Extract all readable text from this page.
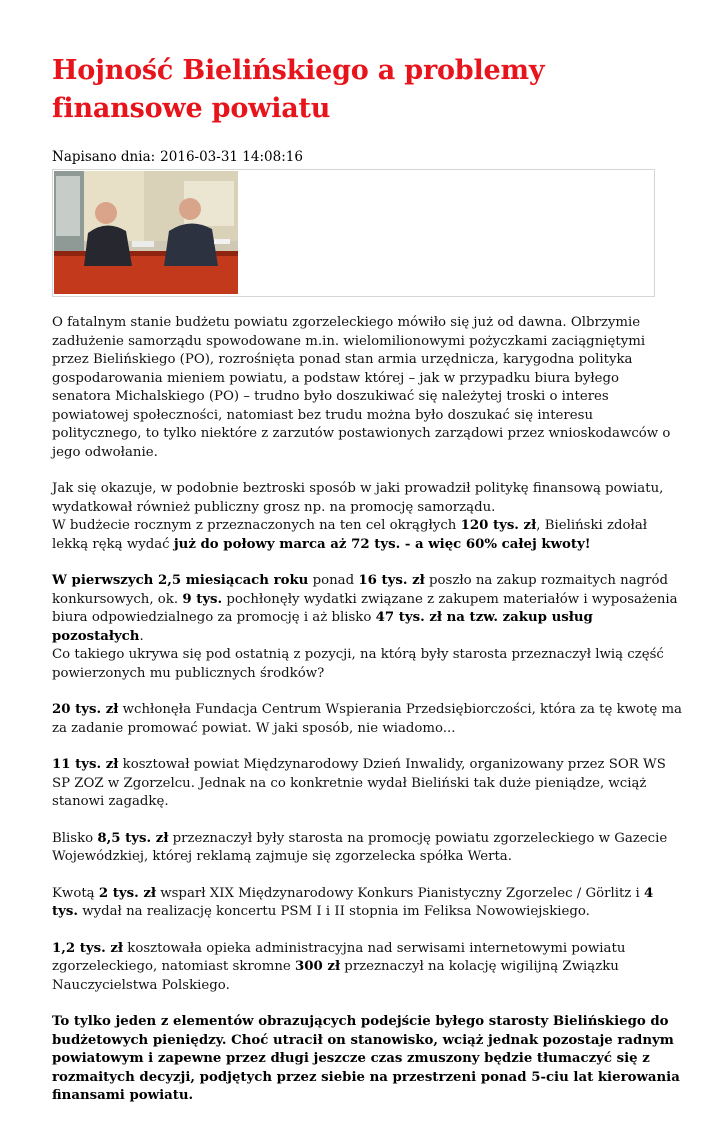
Hojność Bielińskiego a problemy finansowe powiatu
Napisano dnia: 2016-03-31 14:08:16

O fatalnym stanie budżetu powiatu zgorzeleckiego mówiło się już od dawna. Olbrzymie zadłużenie samorządu spowodowane m.in. wielomilionowymi pożyczkami zaciągniętymi przez Bielińskiego (PO), rozrośnięta ponad stan armia urzędnicza, karygodna polityka gospodarowania mieniem powiatu, a podstaw której – jak w przypadku biura byłego senatora Michalskiego (PO) – trudno było doszukiwać się należytej troski o interes powiatowej społeczności, natomiast bez trudu można było doszukać się interesu politycznego, to tylko niektóre z zarzutów postawionych zarządowi przez wnioskodawców o jego odwołanie.

Jak się okazuje, w podobnie beztroski sposób w jaki prowadził politykę finansową powiatu, wydatkował również publiczny grosz np. na promocję samorządu.
W budżecie rocznym z przeznaczonych na ten cel okrągłych 120 tys. zł, Bieliński zdołał lekką ręką wydać już do połowy marca aż 72 tys. - a więc 60% całej kwoty!

W pierwszych 2,5 miesiącach roku ponad 16 tys. zł poszło na zakup rozmaitych nagród konkursowych, ok. 9 tys. pochłonęły wydatki związane z zakupem materiałów i wyposażenia biura odpowiedzialnego za promocję i aż blisko 47 tys. zł na tzw. zakup usług pozostałych.
Co takiego ukrywa się pod ostatnią z pozycji, na którą były starosta przeznaczył lwią część powierzonych mu publicznych środków?

20 tys. zł wchłonęła Fundacja Centrum Wspierania Przedsiębiorczości, która za tę kwotę ma za zadanie promować powiat. W jaki sposób, nie wiadomo...

11 tys. zł kosztował powiat Międzynarodowy Dzień Inwalidy, organizowany przez SOR WS SP ZOZ w Zgorzelcu. Jednak na co konkretnie wydał Bieliński tak duże pieniądze, wciąż stanowi zagadkę.

Blisko 8,5 tys. zł przeznaczył były starosta na promocję powiatu zgorzeleckiego w Gazecie Wojewódzkiej, której reklamą zajmuje się zgorzelecka spółka Werta.

Kwotą 2 tys. zł wsparł XIX Międzynarodowy Konkurs Pianistyczny Zgorzelec / Görlitz i 4 tys. wydał na realizację koncertu PSM I i II stopnia im Feliksa Nowowiejskiego.

1,2 tys. zł kosztowała opieka administracyjna nad serwisami internetowymi powiatu zgorzeleckiego, natomiast skromne 300 zł przeznaczył na kolację wigilijną Związku Nauczycielstwa Polskiego.

To tylko jeden z elementów obrazujących podejście byłego starosty Bielińskiego do budżetowych pieniędzy. Choć utracił on stanowisko, wciąż jednak pozostaje radnym powiatowym i zapewne przez długi jeszcze czas zmuszony będzie tłumaczyć się z rozmaitych decyzji, podjętych przez siebie na przestrzeni ponad 5-ciu lat kierowania finansami powiatu.
